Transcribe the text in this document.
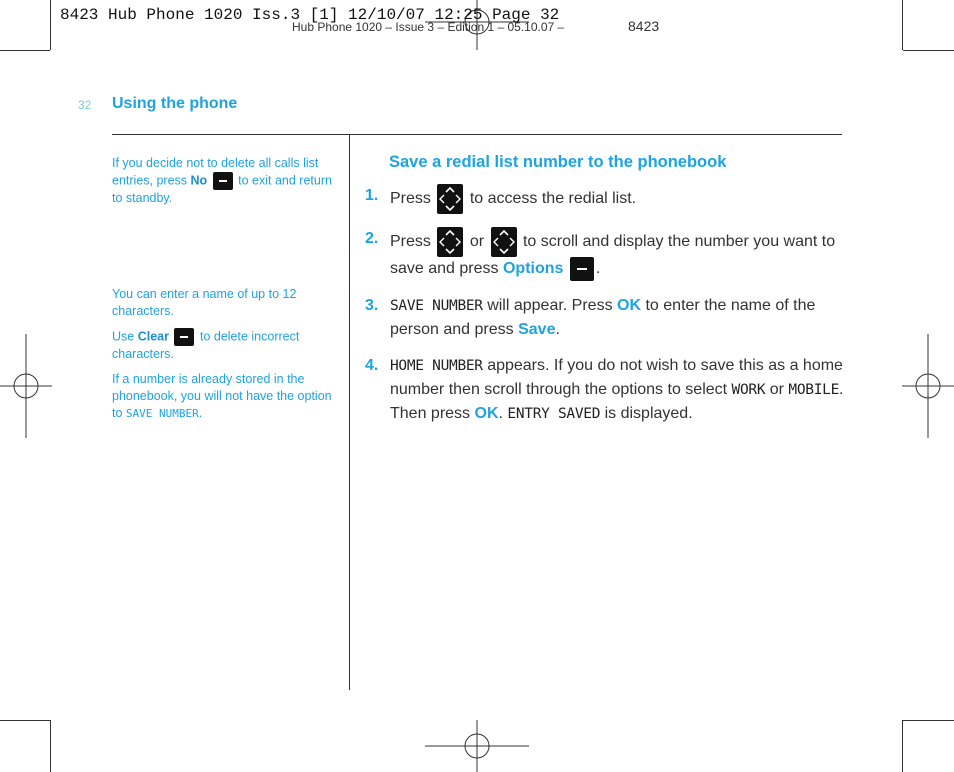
8423 Hub Phone 1020 Iss.3 [1] 12/10/07 12:25 Page 32
Hub Phone 1020 – Issue 3 – Edition 1 – 05.10.07 –	8423
32 Using the phone

If you decide not to delete all calls list entries, press No to exit and return to standby.

You can enter a name of up to 12 characters.

Use Clear to delete incorrect characters.

If a number is already stored in the phonebook, you will not have the option to SAVE NUMBER.

Save a redial list number to the phonebook
1. Press to access the redial list.
2. Press or to scroll and display the number you want to save and press Options .
3. SAVE NUMBER will appear. Press OK to enter the name of the person and press Save.
4. HOME NUMBER appears. If you do not wish to save this as a home number then scroll through the options to select WORK or MOBILE. Then press OK. ENTRY SAVED is displayed.
